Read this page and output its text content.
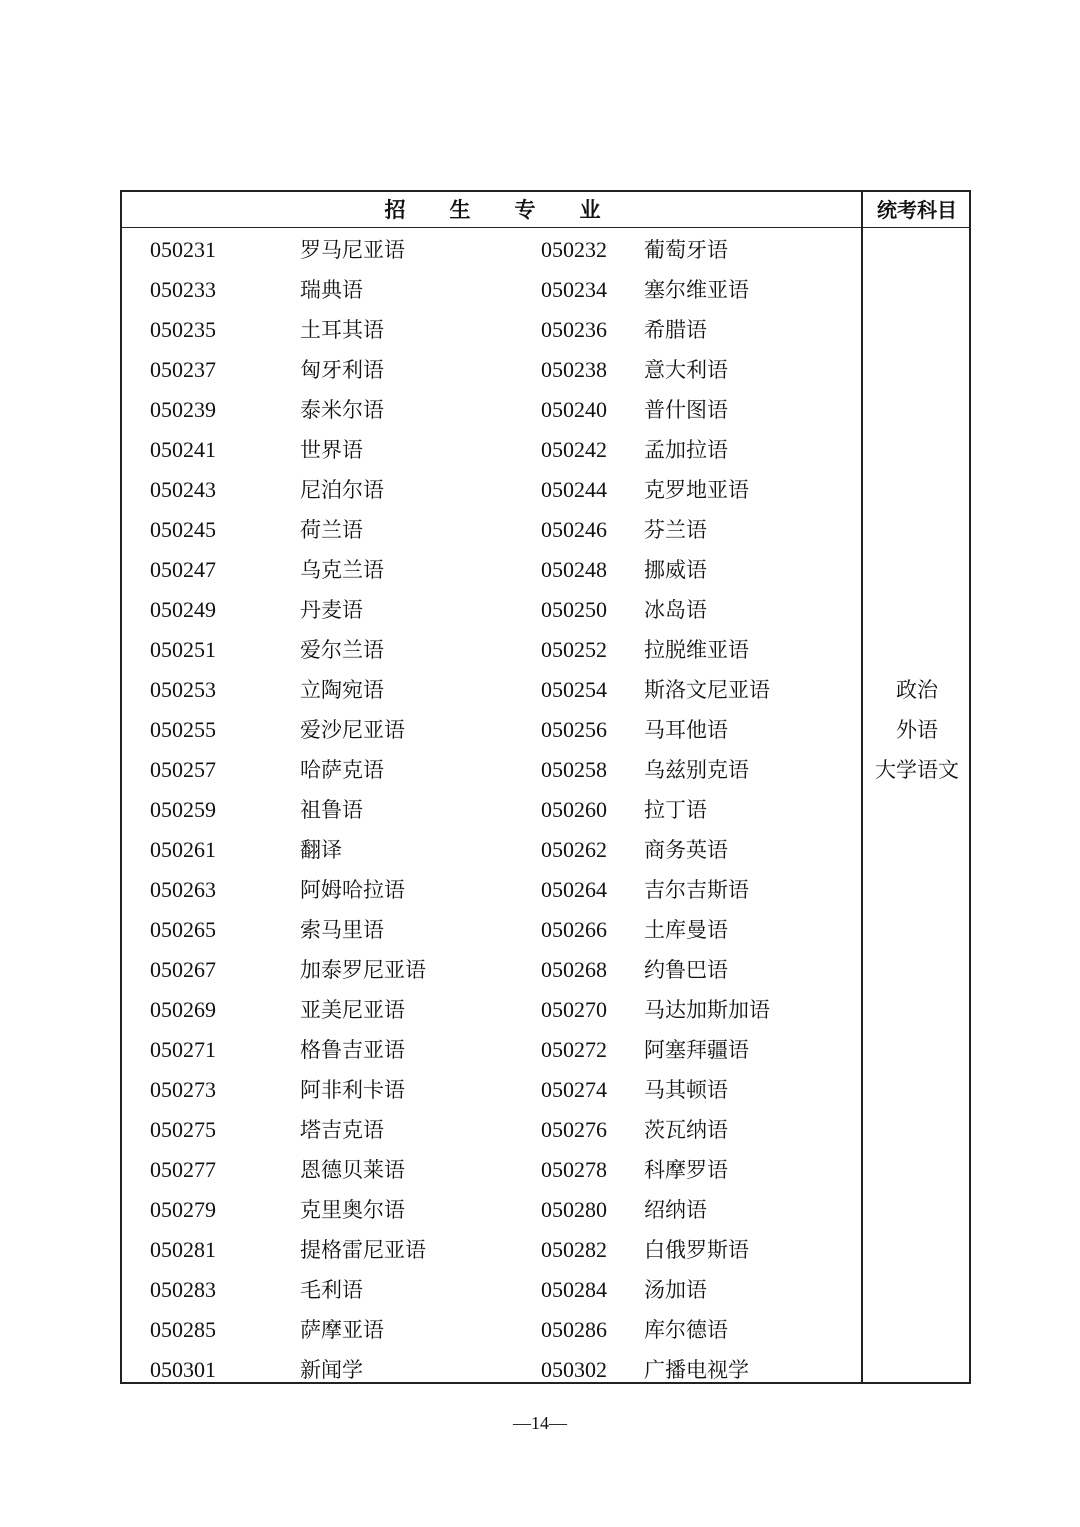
招 生 专 业	统考科目
050231	罗马尼亚语	050232 葡萄牙语
050233	瑞典语	050234 塞尔维亚语
050235	土耳其语	050236 希腊语
050237	匈牙利语	050238 意大利语
050239	泰米尔语	050240 普什图语
050241	世界语	050242 孟加拉语
050243	尼泊尔语	050244 克罗地亚语
050245	荷兰语	050246 芬兰语
050247	乌克兰语	050248 挪威语
050249	丹麦语	050250 冰岛语
050251	爱尔兰语	050252 拉脱维亚语
050253	立陶宛语	050254 斯洛文尼亚语
050255	爱沙尼亚语	050256 马耳他语
050257	哈萨克语	050258 乌兹别克语
050259	祖鲁语	050260 拉丁语
050261	翻译	050262 商务英语
050263	阿姆哈拉语	050264 吉尔吉斯语
050265	索马里语	050266 土库曼语
050267	加泰罗尼亚语	050268 约鲁巴语
050269	亚美尼亚语	050270 马达加斯加语
050271	格鲁吉亚语	050272 阿塞拜疆语
050273	阿非利卡语	050274 马其顿语
050275	塔吉克语	050276 茨瓦纳语
050277	恩德贝莱语	050278 科摩罗语
050279	克里奥尔语	050280 绍纳语
050281	提格雷尼亚语	050282 白俄罗斯语
050283	毛利语	050284 汤加语
050285	萨摩亚语	050286 库尔德语
050301	新闻学	050302 广播电视学
政治
外语
大学语文
—14—
